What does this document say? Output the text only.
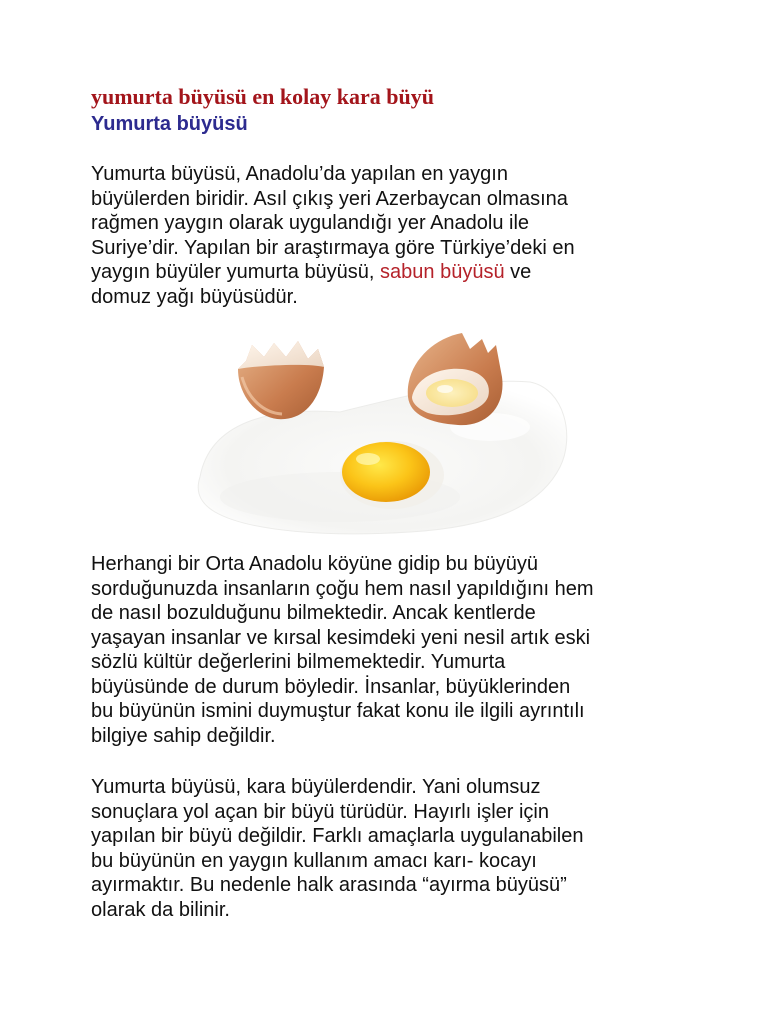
yumurta büyüsü en kolay kara büyü
Yumurta büyüsü

Yumurta büyüsü, Anadolu’da yapılan en yaygın
büyülerden biridir. Asıl çıkış yeri Azerbaycan olmasına
rağmen yaygın olarak uygulandığı yer Anadolu ile
Suriye’dir. Yapılan bir araştırmaya göre Türkiye’deki en
yaygın büyüler yumurta büyüsü, sabun büyüsü ve
domuz yağı büyüsüdür.

Herhangi bir Orta Anadolu köyüne gidip bu büyüyü
sorduğunuzda insanların çoğu hem nasıl yapıldığını hem
de nasıl bozulduğunu bilmektedir. Ancak kentlerde
yaşayan insanlar ve kırsal kesimdeki yeni nesil artık eski
sözlü kültür değerlerini bilmemektedir. Yumurta
büyüsünde de durum böyledir. İnsanlar, büyüklerinden
bu büyünün ismini duymuştur fakat konu ile ilgili ayrıntılı
bilgiye sahip değildir.

Yumurta büyüsü, kara büyülerdendir. Yani olumsuz
sonuçlara yol açan bir büyü türüdür. Hayırlı işler için
yapılan bir büyü değildir. Farklı amaçlarla uygulanabilen
bu büyünün en yaygın kullanım amacı karı- kocayı
ayırmaktır. Bu nedenle halk arasında “ayırma büyüsü”
olarak da bilinir.
